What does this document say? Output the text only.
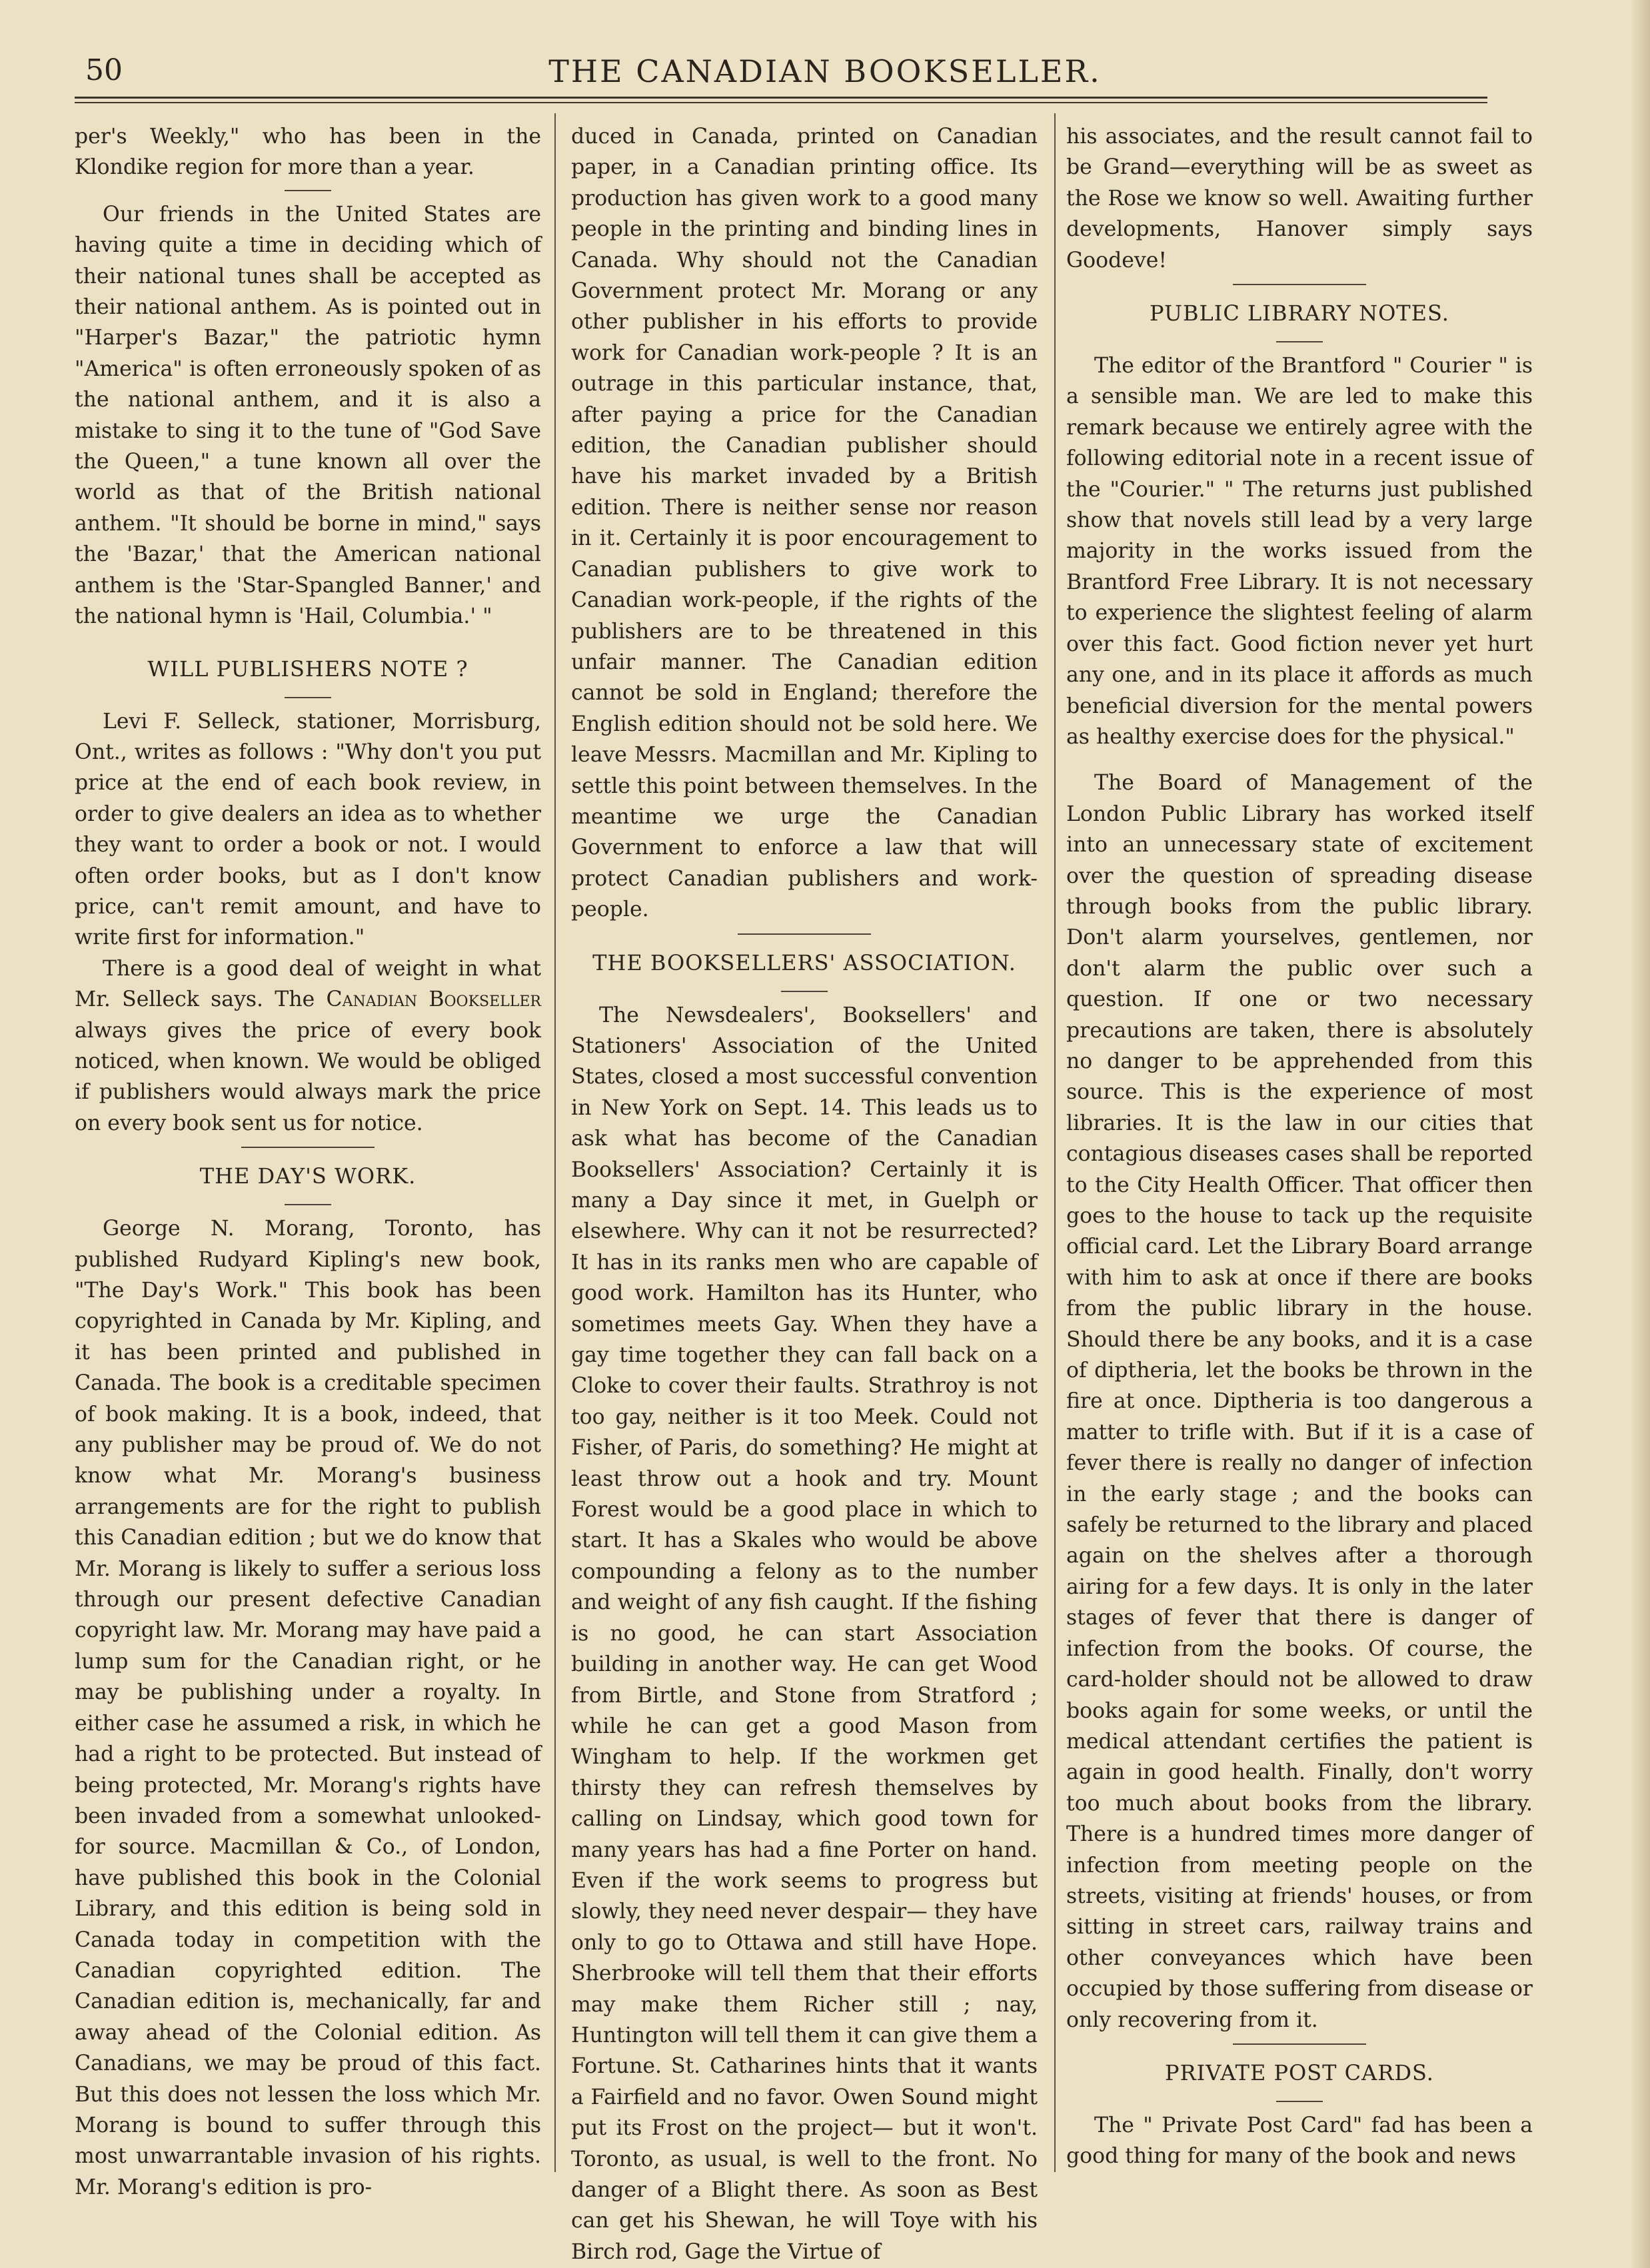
50	THE CANADIAN BOOKSELLER.

per's Weekly," who has been in the Klondike region for more than a year.

Our friends in the United States are having quite a time in deciding which of their national tunes shall be accepted as their national anthem. As is pointed out in "Harper's Bazar," the patriotic hymn "America" is often erroneously spoken of as the national anthem, and it is also a mistake to sing it to the tune of "God Save the Queen," a tune known all over the world as that of the British national anthem. "It should be borne in mind," says the 'Bazar,' that the American national anthem is the 'Star-Spangled Banner,' and the national hymn is 'Hail, Columbia.' "

WILL PUBLISHERS NOTE ?

Levi F. Selleck, stationer, Morrisburg, Ont., writes as follows : "Why don't you put price at the end of each book review, in order to give dealers an idea as to whether they want to order a book or not. I would often order books, but as I don't know price, can't remit amount, and have to write first for information."

There is a good deal of weight in what Mr. Selleck says. The Canadian Bookseller always gives the price of every book noticed, when known. We would be obliged if publishers would always mark the price on every book sent us for notice.

THE DAY'S WORK.

George N. Morang, Toronto, has published Rudyard Kipling's new book, "The Day's Work." This book has been copyrighted in Canada by Mr. Kipling, and it has been printed and published in Canada. The book is a creditable specimen of book making. It is a book, indeed, that any publisher may be proud of. We do not know what Mr. Morang's business arrangements are for the right to publish this Canadian edition ; but we do know that Mr. Morang is likely to suffer a serious loss through our present defective Canadian copyright law. Mr. Morang may have paid a lump sum for the Canadian right, or he may be publishing under a royalty. In either case he assumed a risk, in which he had a right to be protected. But instead of being protected, Mr. Morang's rights have been invaded from a somewhat unlooked-for source. Macmillan & Co., of London, have published this book in the Colonial Library, and this edition is being sold in Canada today in competition with the Canadian copyrighted edition. The Canadian edition is, mechanically, far and away ahead of the Colonial edition. As Canadians, we may be proud of this fact. But this does not lessen the loss which Mr. Morang is bound to suffer through this most unwarrantable invasion of his rights. Mr. Morang's edition is pro-

duced in Canada, printed on Canadian paper, in a Canadian printing office. Its production has given work to a good many people in the printing and binding lines in Canada. Why should not the Canadian Government protect Mr. Morang or any other publisher in his efforts to provide work for Canadian work-people ? It is an outrage in this particular instance, that, after paying a price for the Canadian edition, the Canadian publisher should have his market invaded by a British edition. There is neither sense nor reason in it. Certainly it is poor encouragement to Canadian publishers to give work to Canadian work-people, if the rights of the publishers are to be threatened in this unfair manner. The Canadian edition cannot be sold in England; therefore the English edition should not be sold here. We leave Messrs. Macmillan and Mr. Kipling to settle this point between themselves. In the meantime we urge the Canadian Government to enforce a law that will protect Canadian publishers and work-people.

THE BOOKSELLERS' ASSOCIATION.

The Newsdealers', Booksellers' and Stationers' Association of the United States, closed a most successful convention in New York on Sept. 14. This leads us to ask what has become of the Canadian Booksellers' Association? Certainly it is many a Day since it met, in Guelph or elsewhere. Why can it not be resurrected? It has in its ranks men who are capable of good work. Hamilton has its Hunter, who sometimes meets Gay. When they have a gay time together they can fall back on a Cloke to cover their faults. Strathroy is not too gay, neither is it too Meek. Could not Fisher, of Paris, do something? He might at least throw out a hook and try. Mount Forest would be a good place in which to start. It has a Skales who would be above compounding a felony as to the number and weight of any fish caught. If the fishing is no good, he can start Association building in another way. He can get Wood from Birtle, and Stone from Stratford ; while he can get a good Mason from Wingham to help. If the workmen get thirsty they can refresh themselves by calling on Lindsay, which good town for many years has had a fine Porter on hand. Even if the work seems to progress but slowly, they need never despair— they have only to go to Ottawa and still have Hope. Sherbrooke will tell them that their efforts may make them Richer still ; nay, Huntington will tell them it can give them a Fortune. St. Catharines hints that it wants a Fairfield and no favor. Owen Sound might put its Frost on the project— but it won't. Toronto, as usual, is well to the front. No danger of a Blight there. As soon as Best can get his Shewan, he will Toye with his Birch rod, Gage the Virtue of

his associates, and the result cannot fail to be Grand—everything will be as sweet as the Rose we know so well. Awaiting further developments, Hanover simply says Goodeve!

PUBLIC LIBRARY NOTES.

The editor of the Brantford " Courier " is a sensible man. We are led to make this remark because we entirely agree with the following editorial note in a recent issue of the "Courier." " The returns just published show that novels still lead by a very large majority in the works issued from the Brantford Free Library. It is not necessary to experience the slightest feeling of alarm over this fact. Good fiction never yet hurt any one, and in its place it affords as much beneficial diversion for the mental powers as healthy exercise does for the physical."

The Board of Management of the London Public Library has worked itself into an unnecessary state of excitement over the question of spreading disease through books from the public library. Don't alarm yourselves, gentlemen, nor don't alarm the public over such a question. If one or two necessary precautions are taken, there is absolutely no danger to be apprehended from this source. This is the experience of most libraries. It is the law in our cities that contagious diseases cases shall be reported to the City Health Officer. That officer then goes to the house to tack up the requisite official card. Let the Library Board arrange with him to ask at once if there are books from the public library in the house. Should there be any books, and it is a case of diptheria, let the books be thrown in the fire at once. Diptheria is too dangerous a matter to trifle with. But if it is a case of fever there is really no danger of infection in the early stage ; and the books can safely be returned to the library and placed again on the shelves after a thorough airing for a few days. It is only in the later stages of fever that there is danger of infection from the books. Of course, the card-holder should not be allowed to draw books again for some weeks, or until the medical attendant certifies the patient is again in good health. Finally, don't worry too much about books from the library. There is a hundred times more danger of infection from meeting people on the streets, visiting at friends' houses, or from sitting in street cars, railway trains and other conveyances which have been occupied by those suffering from disease or only recovering from it.

PRIVATE POST CARDS.

The " Private Post Card" fad has been a good thing for many of the book and news
